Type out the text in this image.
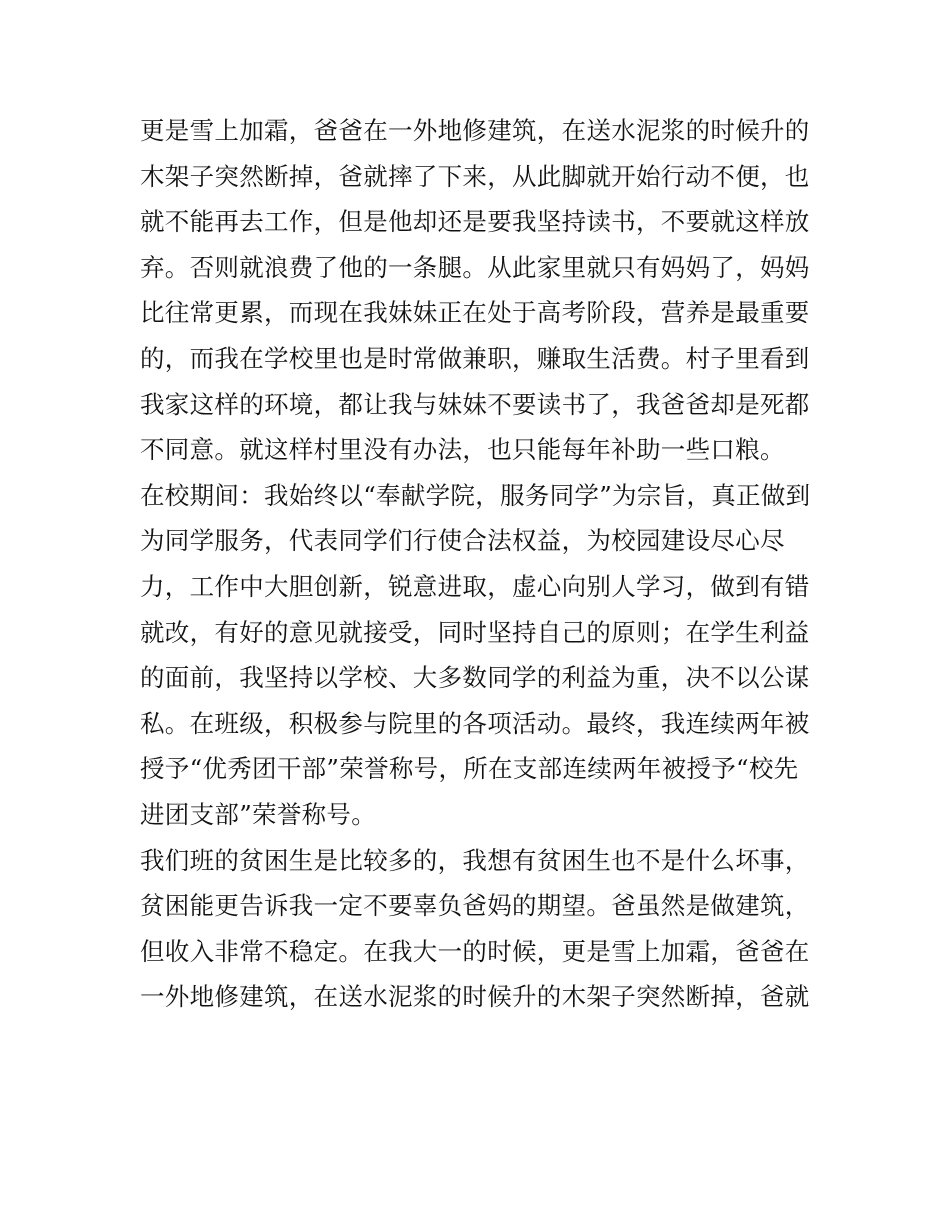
更是雪上加霜，爸爸在一外地修建筑，在送水泥浆的时候升的
木架子突然断掉，爸就摔了下来，从此脚就开始行动不便，也
就不能再去工作，但是他却还是要我坚持读书，不要就这样放
弃。否则就浪费了他的一条腿。从此家里就只有妈妈了，妈妈
比往常更累，而现在我妹妹正在处于高考阶段，营养是最重要
的，而我在学校里也是时常做兼职，赚取生活费。村子里看到
我家这样的环境，都让我与妹妹不要读书了，我爸爸却是死都
不同意。就这样村里没有办法，也只能每年补助一些口粮。
在校期间：我始终以“奉献学院，服务同学”为宗旨，真正做到
为同学服务，代表同学们行使合法权益，为校园建设尽心尽
力，工作中大胆创新，锐意进取，虚心向别人学习，做到有错
就改，有好的意见就接受，同时坚持自己的原则；在学生利益
的面前，我坚持以学校、大多数同学的利益为重，决不以公谋
私。在班级，积极参与院里的各项活动。最终，我连续两年被
授予“优秀团干部”荣誉称号，所在支部连续两年被授予“校先
进团支部”荣誉称号。
我们班的贫困生是比较多的，我想有贫困生也不是什么坏事，
贫困能更告诉我一定不要辜负爸妈的期望。爸虽然是做建筑，
但收入非常不稳定。在我大一的时候，更是雪上加霜，爸爸在
一外地修建筑，在送水泥浆的时候升的木架子突然断掉，爸就
